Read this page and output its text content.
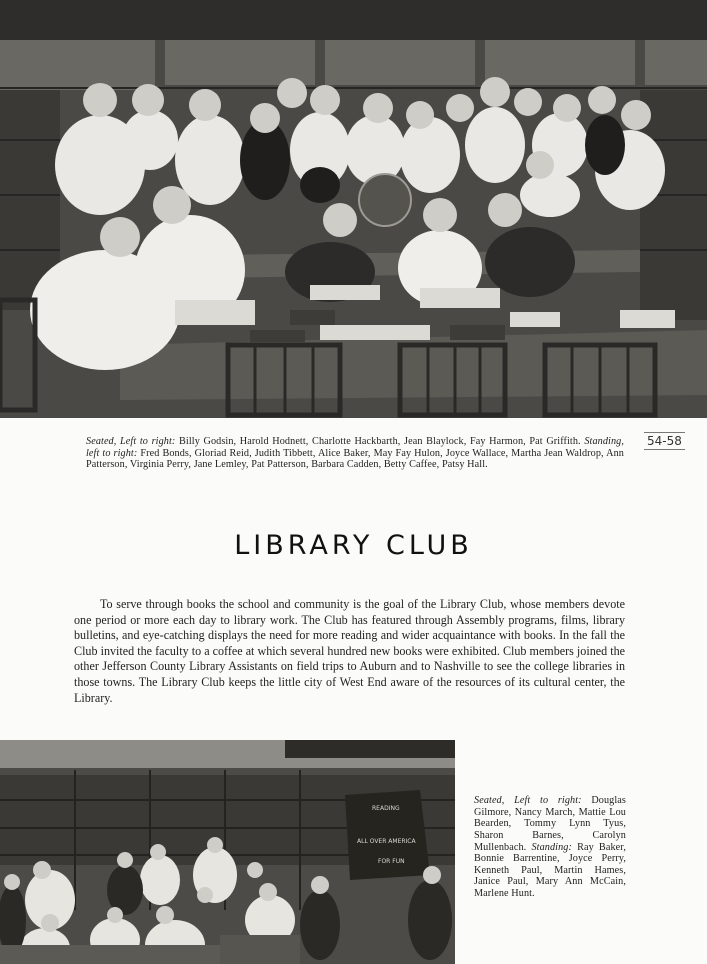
Seated, Left to right: Billy Godsin, Harold Hodnett, Charlotte Hackbarth, Jean Blaylock, Fay Harmon, Pat Griffith. Standing, left to right: Fred Bonds, Gloriad Reid, Judith Tibbett, Alice Baker, May Fay Hulon, Joyce Wallace, Martha Jean Waldrop, Ann Patterson, Virginia Perry, Jane Lemley, Pat Patterson, Barbara Cadden, Betty Caffee, Patsy Hall.

54-58
LIBRARY CLUB

To serve through books the school and community is the goal of the Library Club, whose members devote one period or more each day to library work. The Club has featured through Assembly programs, films, library bulletins, and eye-catching displays the need for more reading and wider acquaintance with books. In the fall the Club invited the faculty to a coffee at which several hundred new books were exhibited. Club members joined the other Jefferson County Library Assistants on field trips to Auburn and to Nashville to see the college libraries in those towns. The Library Club keeps the little city of West End aware of the resources of its cultural center, the Library.

READING
ALL OVER AMERICA
FOR FUN

Seated, Left to right: Douglas Gilmore, Nancy March, Mattie Lou Bearden, Tommy Lynn Tyus, Sharon Barnes, Carolyn Mullenbach. Standing: Ray Baker, Bonnie Barrentine, Joyce Perry, Kenneth Paul, Martin Hames, Janice Paul, Mary Ann McCain, Marlene Hunt.
